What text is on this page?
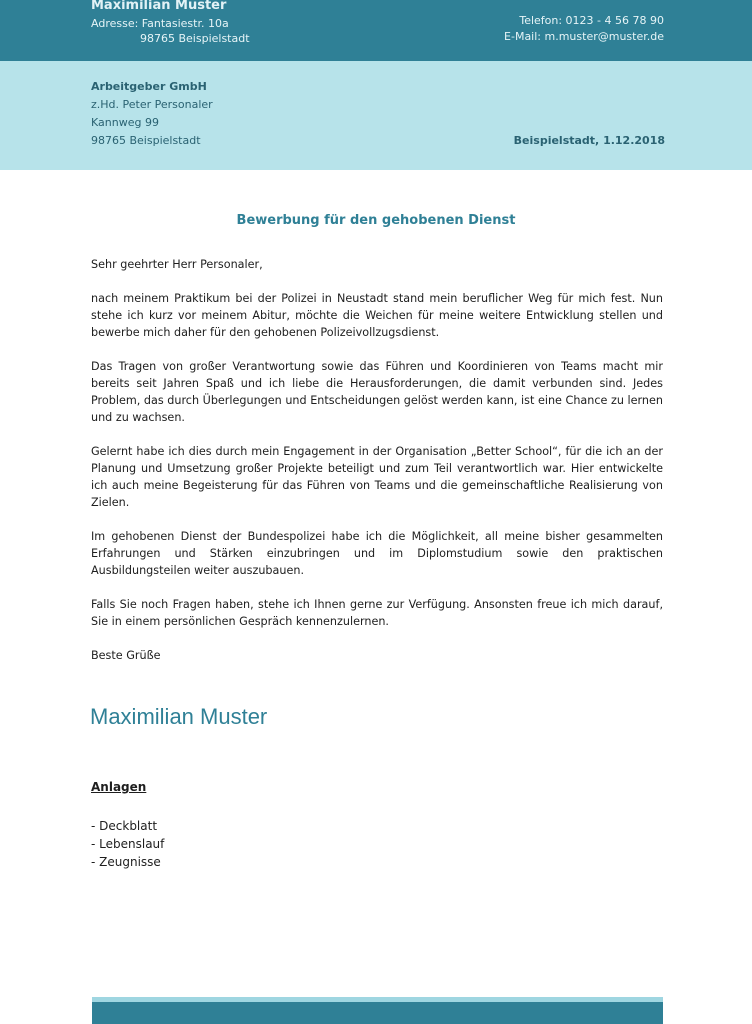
Maximilian Muster
Adresse: Fantasiestr. 10a
98765 Beispielstadt
Telefon: 0123 - 4 56 78 90
E-Mail: m.muster@muster.de
Arbeitgeber GmbH
z.Hd. Peter Personaler
Kannweg 99
98765 Beispielstadt	Beispielstadt, 1.12.2018
Bewerbung für den gehobenen Dienst

Sehr geehrter Herr Personaler,

nach meinem Praktikum bei der Polizei in Neustadt stand mein beruflicher Weg für mich fest. Nun stehe ich kurz vor meinem Abitur, möchte die Weichen für meine weitere Entwicklung stellen und bewerbe mich daher für den gehobenen Polizeivollzugsdienst.

Das Tragen von großer Verantwortung sowie das Führen und Koordinieren von Teams macht mir bereits seit Jahren Spaß und ich liebe die Herausforderungen, die damit verbunden sind. Jedes Problem, das durch Überlegungen und Entscheidungen gelöst werden kann, ist eine Chance zu lernen und zu wachsen.

Gelernt habe ich dies durch mein Engagement in der Organisation „Better School“, für die ich an der Planung und Umsetzung großer Projekte beteiligt und zum Teil verantwortlich war. Hier entwickelte ich auch meine Begeisterung für das Führen von Teams und die gemeinschaftliche Realisierung von Zielen.

Im gehobenen Dienst der Bundespolizei habe ich die Möglichkeit, all meine bisher gesammelten Erfahrungen und Stärken einzubringen und im Diplomstudium sowie den praktischen Ausbildungsteilen weiter auszubauen.

Falls Sie noch Fragen haben, stehe ich Ihnen gerne zur Verfügung. Ansonsten freue ich mich darauf, Sie in einem persönlichen Gespräch kennenzulernen.

Beste Grüße

Maximilian Muster
Anlagen
- Deckblatt
- Lebenslauf
- Zeugnisse
